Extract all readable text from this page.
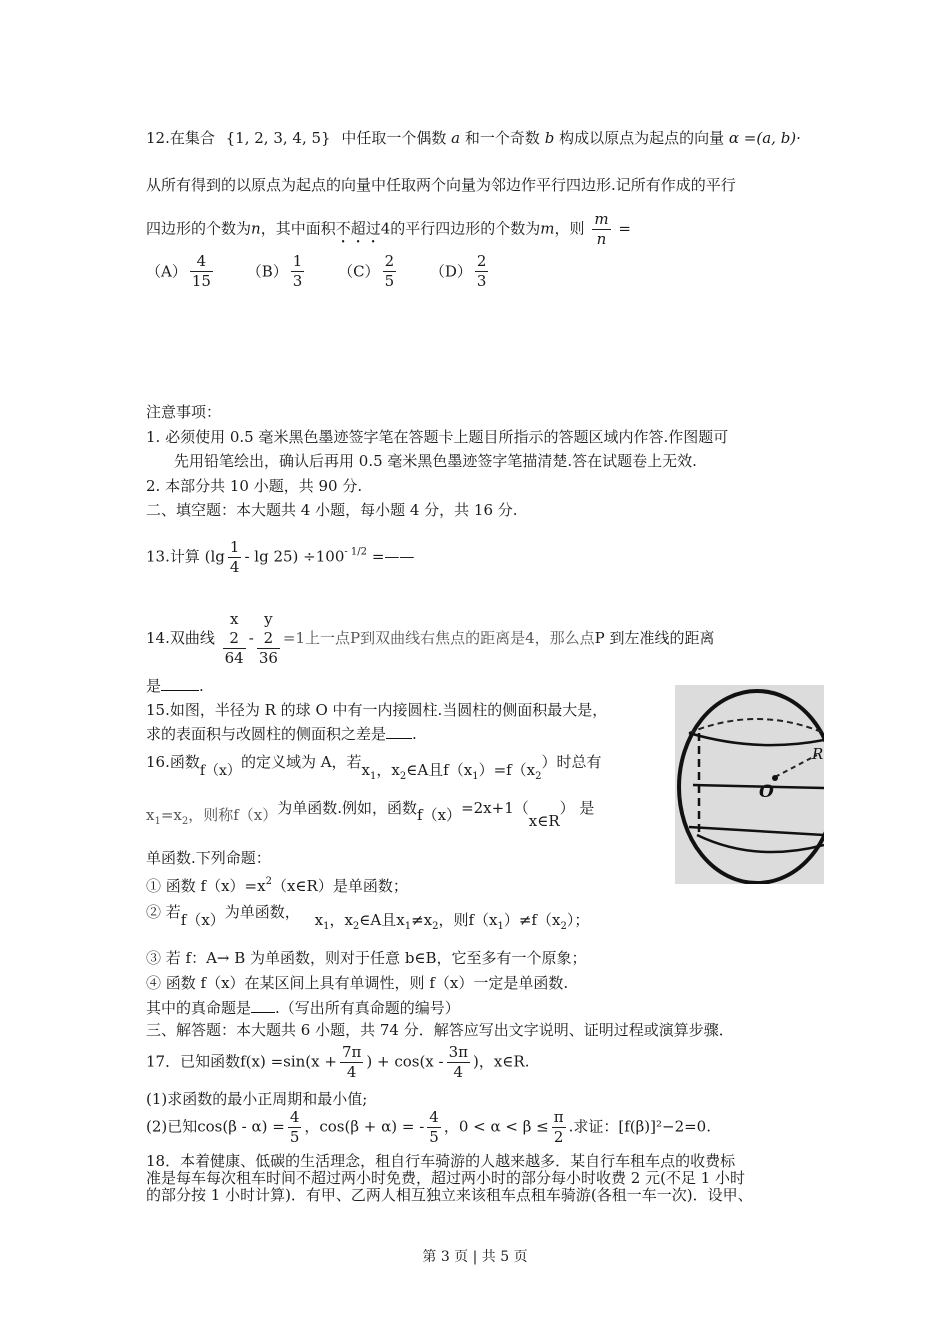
12.在集合 {1, 2, 3, 4, 5} 中任取一个偶数 a 和一个奇数 b 构成以原点为起点的向量 α =(a, b)·
从所有得到的以原点为起点的向量中任取两个向量为邻边作平行四边形.记所有作成的平行
四边形的个数为n，其中面积不超过4的平行四边形的个数为m，则 $\frac{m}{n}$ =
$(A) \frac{4}{15} (B) \frac{1}{3} (C) \frac{2}{5} (D) \frac{2}{3}$
注意事项：
1. 必须使用 0.5 毫米黑色墨迹签字笔在答题卡上题目所指示的答题区域内作答.作图题可
先用铅笔绘出，确认后再用 0.5 毫米黑色墨迹签字笔描清楚.答在试题卷上无效.
2. 本部分共 10 小题，共 90 分.
二、填空题：本大题共 4 小题，每小题 4 分，共 16 分.
13.计算 $(\lg \frac{1}{4} - \lg 25) \div 100^{- 1/2}$ =——
14.双曲线 x
2
64 - y
2
36 =1上一点P到双曲线右焦点的距离是4，那么点P 到左准线的距离
是	.
15.如图，半径为 R 的球 O 中有一内接圆柱.当圆柱的侧面积最大是，
求的表面积与改圆柱的侧面积之差是 .
O
R
16.函数f（x）的定义域为 A，若$x_1$，$x_2\in A$且$f(x_1)=f(x_2)$时总有
$x_1=x_2$，则称f（x）为单函数.例如，函数f（x）=2x+1（x∈R） 是
单函数.下列命题：
① 函数 $f(x)=x^2(x\in R)$是单函数；
② 若f（x）为单函数， $x_1$，$x_2\in A$且$x_1\ne x_2$，则$f(x_1)\ne f(x_2)$；
③ 若 f：A→ B 为单函数，则对于任意 b∈B，它至多有一个原象；
④ 函数 f（x）在某区间上具有单调性，则 f（x）一定是单函数.
其中的真命题是 .（写出所有真命题的编号）
三、解答题：本大题共 6 小题，共 74 分．解答应写出文字说明、证明过程或演算步骤．
17．已知函数$f(x) =\sin(x + \frac{7\pi}{4}$ ) + $\cos(x - \frac{3\pi}{4}$ )，x∈R.
(1)求函数的最小正周期和最小值;
(2)已知$\cos(\beta - \alpha) = \frac{4}{5}$ ，cos(β + α) = - $\frac{4}{5}$ ，$0 < \alpha < \beta \le \frac{\pi}{2}$ .求证：[f(β)]²−2=0.
18．本着健康、低碳的生活理念，租自行车骑游的人越来越多．某自行车租车点的收费标
准是每车每次租车时间不超过两小时免费，超过两小时的部分每小时收费 2 元(不足 1 小时
的部分按 1 小时计算)．有甲、乙两人相互独立来该租车点租车骑游(各租一车一次)．设甲、
第 3 页 | 共 5 页
